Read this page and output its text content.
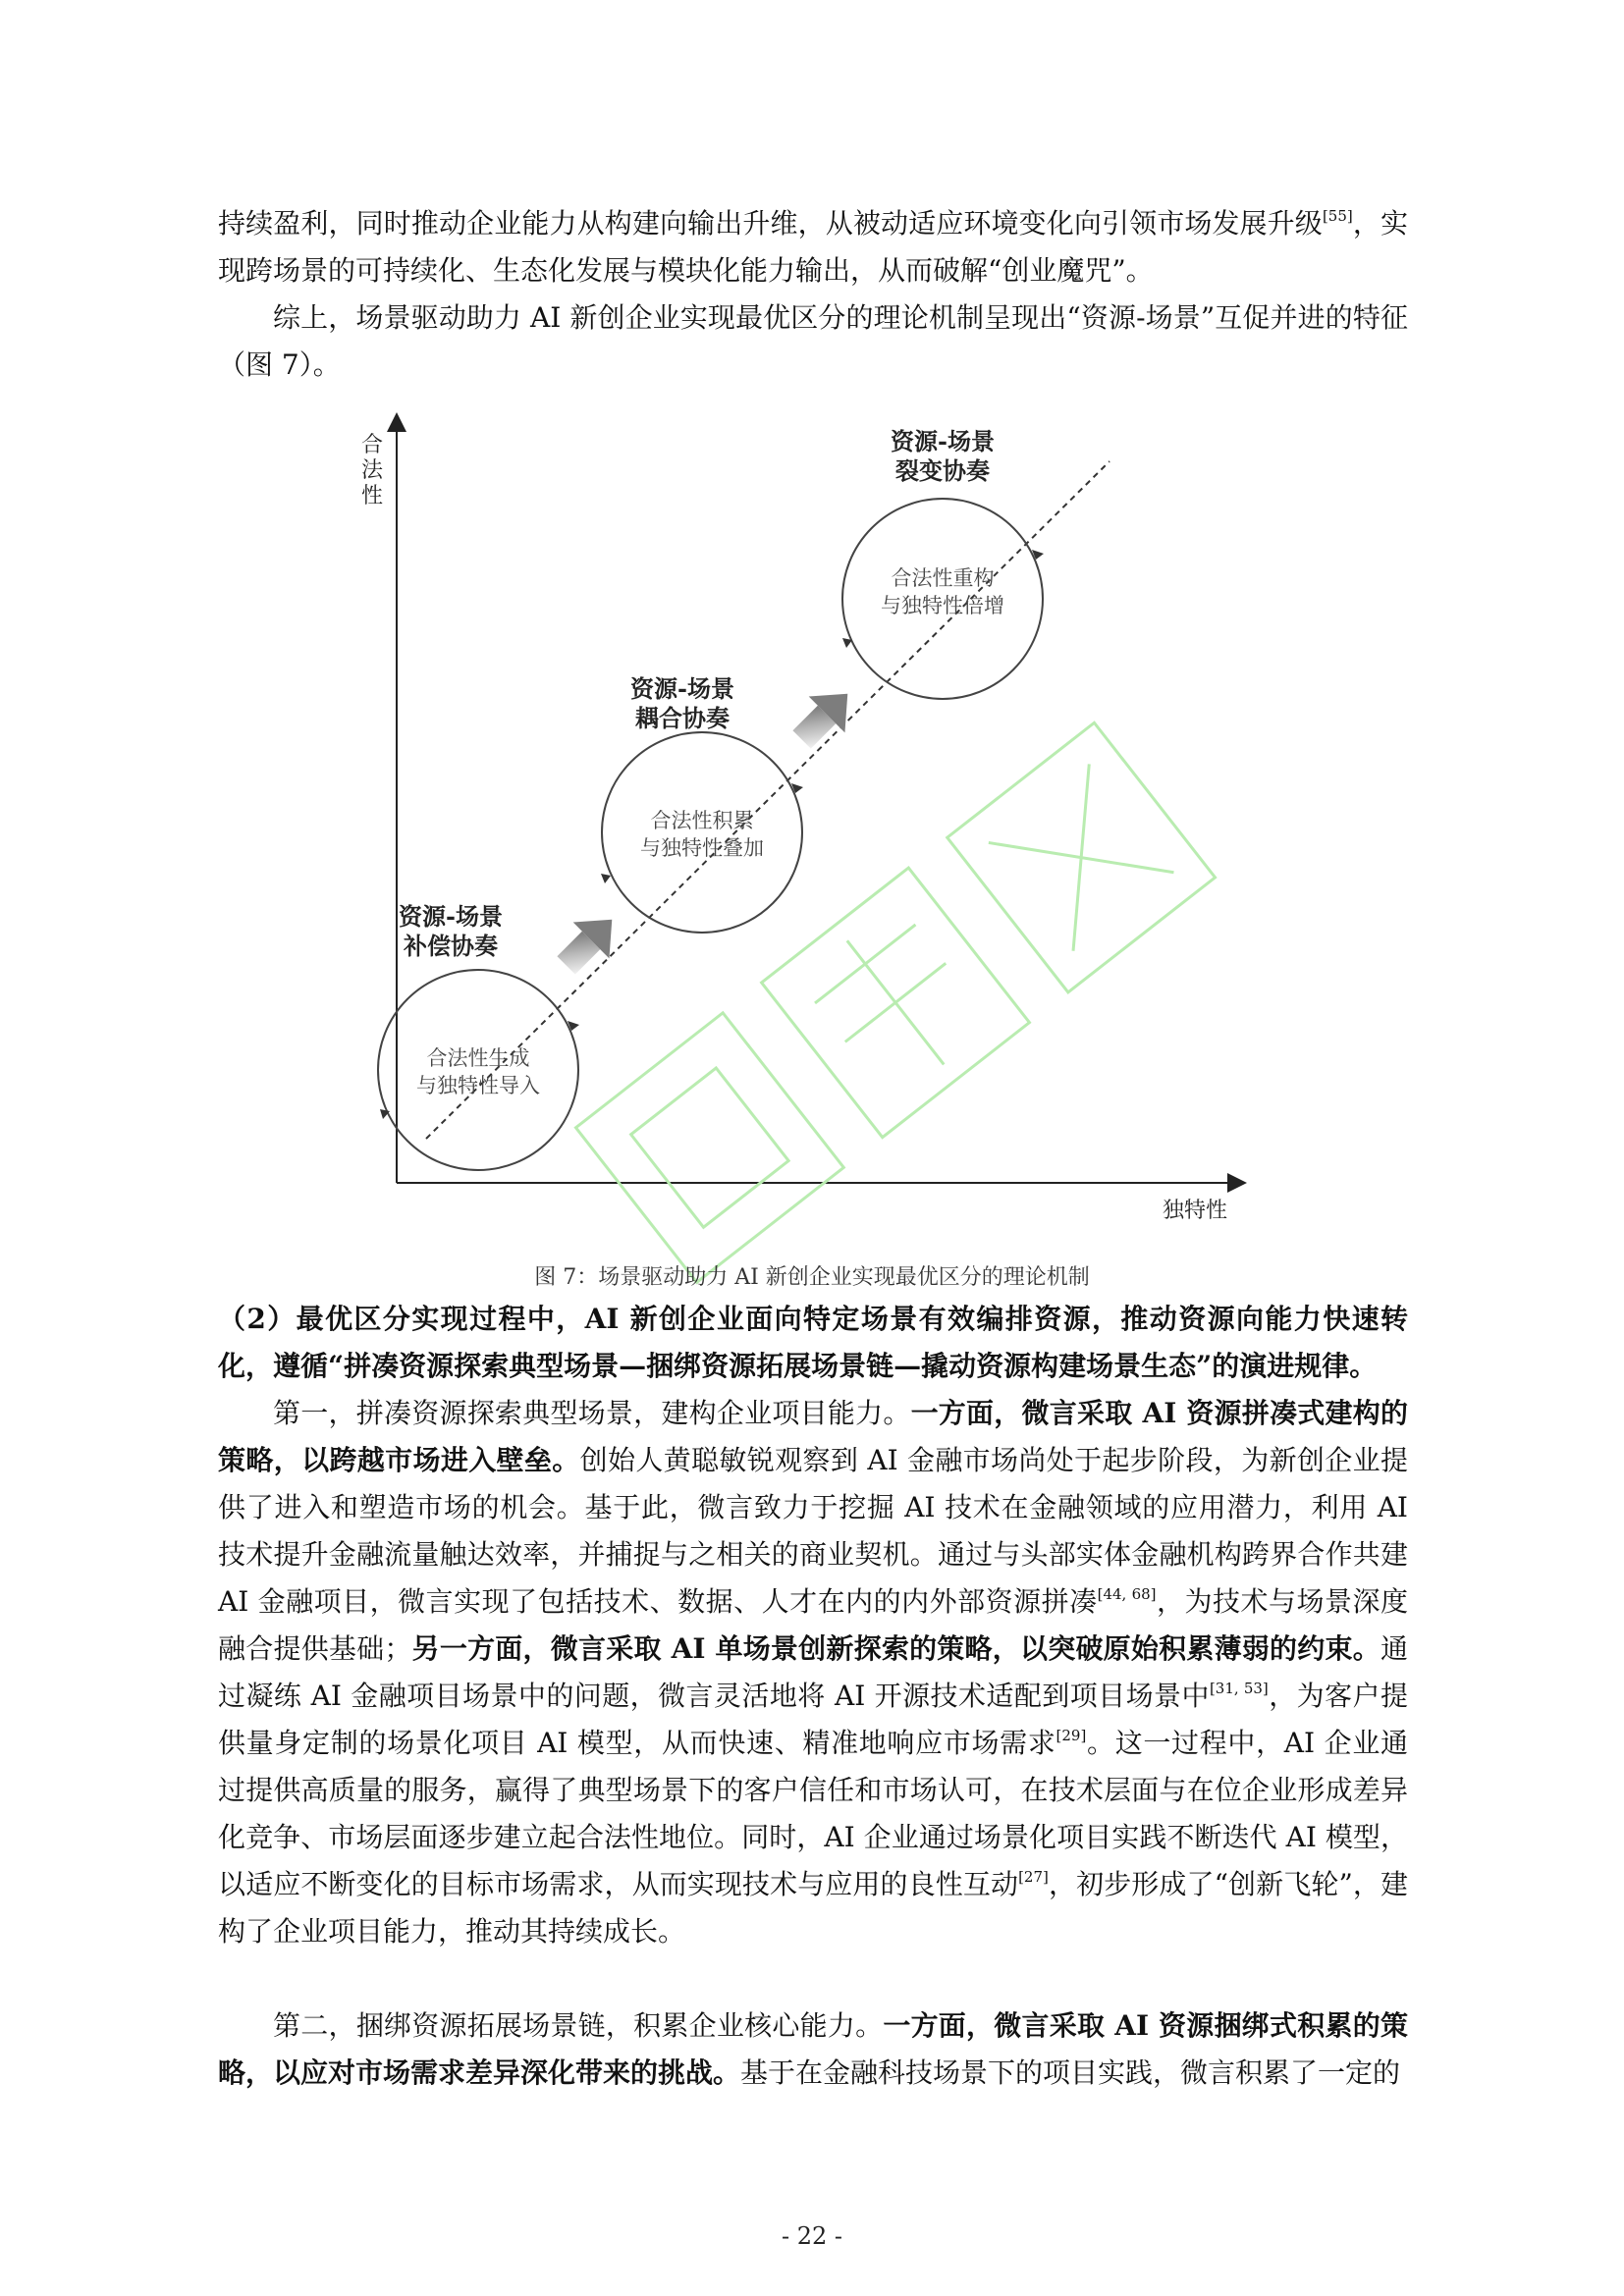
持续盈利，同时推动企业能力从构建向输出升维，从被动适应环境变化向引领市场发展升级[55]，实现跨场景的可持续化、生态化发展与模块化能力输出，从而破解“创业魔咒”。

综上，场景驱动助力 AI 新创企业实现最优区分的理论机制呈现出“资源-场景”互促并进的特征（图 7）。

合 法 性
独特性
资源-场景补偿协奏
资源-场景耦合协奏
资源-场景裂变协奏
合法性生成与独特性导入
合法性积累与独特性叠加
合法性重构与独特性倍增
图 7：场景驱动助力 AI 新创企业实现最优区分的理论机制

（2）最优区分实现过程中，AI 新创企业面向特定场景有效编排资源，推动资源向能力快速转化，遵循“拼凑资源探索典型场景—捆绑资源拓展场景链—撬动资源构建场景生态”的演进规律。

第一，拼凑资源探索典型场景，建构企业项目能力。一方面，微言采取 AI 资源拼凑式建构的策略，以跨越市场进入壁垒。创始人黄聪敏锐观察到 AI 金融市场尚处于起步阶段，为新创企业提供了进入和塑造市场的机会。基于此，微言致力于挖掘 AI 技术在金融领域的应用潜力，利用 AI 技术提升金融流量触达效率，并捕捉与之相关的商业契机。通过与头部实体金融机构跨界合作共建 AI 金融项目，微言实现了包括技术、数据、人才在内的内外部资源拼凑[44, 68]，为技术与场景深度融合提供基础；另一方面，微言采取 AI 单场景创新探索的策略，以突破原始积累薄弱的约束。通过凝练 AI 金融项目场景中的问题，微言灵活地将 AI 开源技术适配到项目场景中[31, 53]，为客户提供量身定制的场景化项目 AI 模型，从而快速、精准地响应市场需求[29]。这一过程中，AI 企业通过提供高质量的服务，赢得了典型场景下的客户信任和市场认可，在技术层面与在位企业形成差异化竞争、市场层面逐步建立起合法性地位。同时，AI 企业通过场景化项目实践不断迭代 AI 模型，以适应不断变化的目标市场需求，从而实现技术与应用的良性互动[27]，初步形成了“创新飞轮”，建构了企业项目能力，推动其持续成长。

第二，捆绑资源拓展场景链，积累企业核心能力。一方面，微言采取 AI 资源捆绑式积累的策略，以应对市场需求差异深化带来的挑战。基于在金融科技场景下的项目实践，微言积累了一定的

- 22 -
